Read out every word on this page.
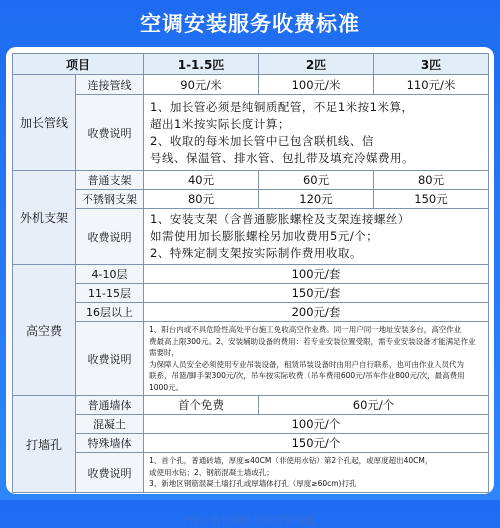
空调安装服务收费标准
项目		1-1.5匹	2匹	3匹
加长管线	连接管线	90元/米	100元/米	110元/米
	收费说明	1、加长管必须是纯铜质配管，不足1米按1米算，
超出1米按实际长度计算；
2、收取的每米加长管中已包含联机线、信
号线、保温管、排水管、包扎带及填充冷媒费用。		

外机支架	普通支架	40元	60元	80元
	不锈钢支架	80元	120元	150元
	收费说明	1、安装支架（含普通膨胀螺栓及支架连接螺丝）
如需使用加长膨胀螺栓另加收费用5元/个；
2、特殊定制支架按实际制作费用收取。		

高空费	4-10层	100元/套		
	11-15层	150元/套		
	16层以上	200元/套		
	收费说明	1、阳台内或不具危险性高处平台施工免收高空作业费。同一用户同一地址安装多台，高空作业
费最高上限300元。2、安装辅助设备的费用：若专业安装位置受限，需专业安装设备才能满足作业需要时，
为保障人员安全必须使用专业吊装设备，租赁吊装设备时由用户自行联系，也可由作业人员代为
联系，吊篮/脚手架300元/次，吊车按实际收费（吊车费用600元/吊车作业800元/次，最高费用1000元。		

打墙孔	普通墙体	首个免费	60元/个	
	混凝土	100元/个		
	特殊墙体	150元/个		
	收费说明	1、首个孔，普通砖墙，厚度≤40CM（非使用水钻）第2个孔起，或厚度超出40CM，
或使用水钻；2、钢筋混凝土墙或孔；
3、新地区钢筋混凝土墙打孔或厚墙体打孔（厚度≥60cm)打孔		
*注：其他额外具体咨询客服
